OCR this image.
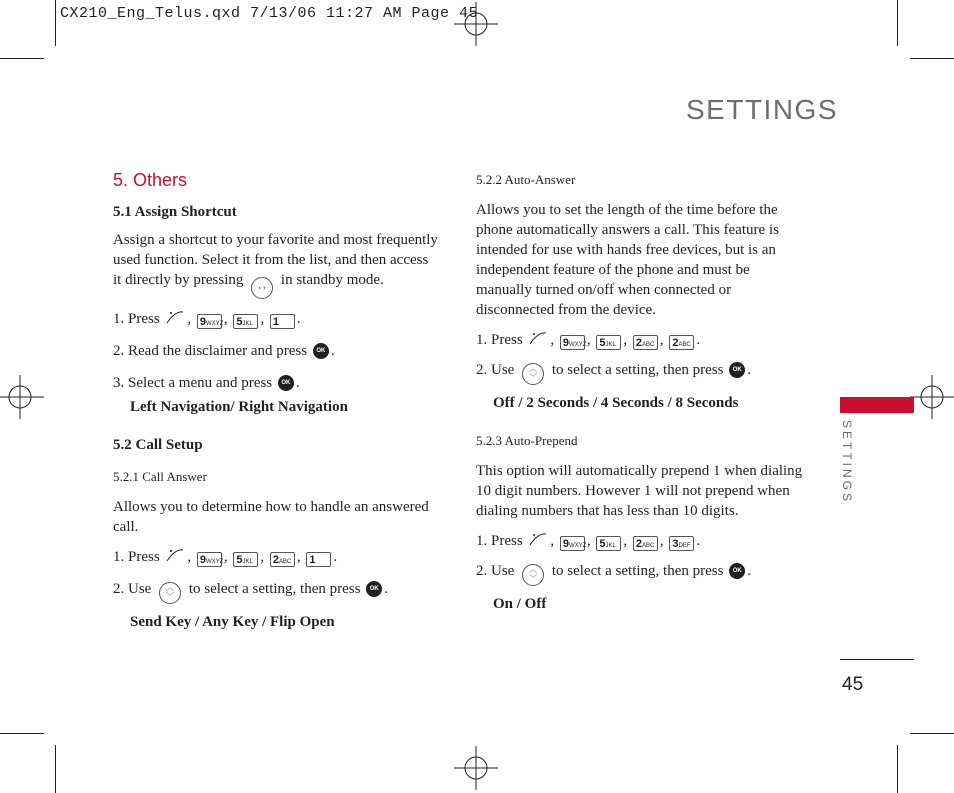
CX210_Eng_Telus.qxd 7/13/06 11:27 AM Page 45
SETTINGS
SETTINGS
45

5. Others

5.1 Assign Shortcut

Assign a shortcut to your favorite and most frequently used function. Select it from the list, and then access it directly by pressing ‹ › in standby mode.

1. Press , 9WXYZ, 5JKL , 1 .

2. Read the disclaimer and press OK .

3. Select a menu and press OK .

Left Navigation/ Right Navigation

5.2 Call Setup

5.2.1 Call Answer

Allows you to determine how to handle an answered call.

1. Press , 9WXYZ, 5JKL , 2ABC , 1 .

2. Use ︿
﹀ to select a setting, then press OK .

Send Key / Any Key / Flip Open

5.2.2 Auto-Answer

Allows you to set the length of the time before the phone automatically answers a call. This feature is intended for use with hands free devices, but is an independent feature of the phone and must be manually turned on/off when connected or disconnected from the device.

1. Press , 9WXYZ, 5JKL , 2ABC , 2ABC .

2. Use ︿
﹀ to select a setting, then press OK .

Off / 2 Seconds / 4 Seconds / 8 Seconds

5.2.3 Auto-Prepend

This option will automatically prepend 1 when dialing 10 digit numbers. However 1 will not prepend when dialing numbers that has less than 10 digits.

1. Press , 9WXYZ, 5JKL , 2ABC , 3DEF .

2. Use ︿
﹀ to select a setting, then press OK .

On / Off
